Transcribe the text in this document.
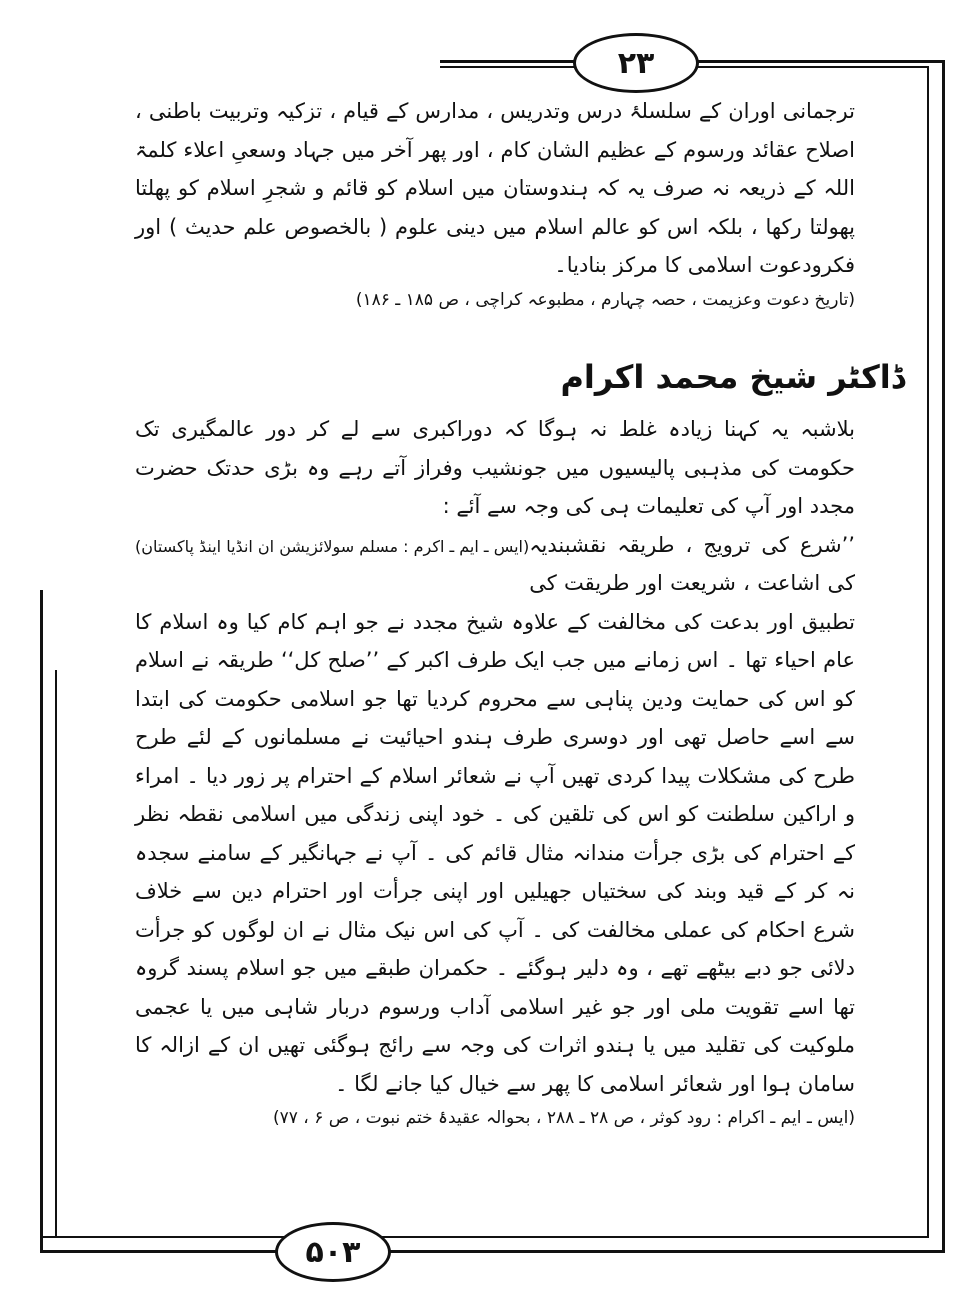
۲۳
۵۰۳

ترجمانی اوران کے سلسلۂ درس وتدریس ، مدارس کے قیام ، تزکیہ وتربیت باطنی ، اصلاح عقائد ورسوم کے عظیم الشان کام ، اور پھر آخر میں جہاد وسعیِ اعلاء کلمۃ اللہ کے ذریعہ نہ صرف یہ کہ ہندوستان میں اسلام کو قائم و شجرِ اسلام کو پھلتا پھولتا رکھا ، بلکہ اس کو عالم اسلام میں دینی علوم ( بالخصوص علم حدیث ) اور فکرودعوت اسلامی کا مرکز بنادیا۔

(تاریخ دعوت وعزیمت ، حصہ چہارم ، مطبوعہ کراچی ، ص ۱۸۵ ـ ۱۸۶)

ڈاکٹر شیخ محمد اکرام

بلاشبہ یہ کہنا زیادہ غلط نہ ہوگا کہ دوراکبری سے لے کر دور عالمگیری تک حکومت کی مذہبی پالیسیوں میں جونشیب وفراز آتے رہے وہ بڑی حدتک حضرت مجدد اور آپ کی تعلیمات ہی کی وجہ سے آئے :
(ایس ـ ایم ـ اکرم : مسلم سولائزیشن ان انڈیا اینڈ پاکستان) ’’شرع کی ترویج ، طریقہ نقشبندیہ کی اشاعت ، شریعت اور طریقت کی تطبیق اور بدعت کی مخالفت کے علاوہ شیخ مجدد نے جو اہم کام کیا وہ اسلام کا عام احیاء تھا ۔ اس زمانے میں جب ایک طرف اکبر کے ’’صلح کل‘‘ طریقہ نے اسلام کو اس کی حمایت ودین پناہی سے محروم کردیا تھا جو اسلامی حکومت کی ابتدا سے اسے حاصل تھی اور دوسری طرف ہندو احیائیت نے مسلمانوں کے لئے طرح طرح کی مشکلات پیدا کردی تھیں آپ نے شعائر اسلام کے احترام پر زور دیا ۔ امراء و اراکین سلطنت کو اس کی تلقین کی ۔ خود اپنی زندگی میں اسلامی نقطہ نظر کے احترام کی بڑی جرأت مندانہ مثال قائم کی ۔ آپ نے جہانگیر کے سامنے سجدہ نہ کر کے قید وبند کی سختیاں جھیلیں اور اپنی جرأت اور احترام دین سے خلاف شرع احکام کی عملی مخالفت کی ۔ آپ کی اس نیک مثال نے ان لوگوں کو جرأت دلائی جو دبے بیٹھے تھے ، وہ دلیر ہوگئے ۔ حکمران طبقے میں جو اسلام پسند گروہ تھا اسے تقویت ملی اور جو غیر اسلامی آداب ورسوم دربار شاہی میں یا عجمی ملوکیت کی تقلید میں یا ہندو اثرات کی وجہ سے رائج ہوگئی تھیں ان کے ازالہ کا سامان ہوا اور شعائر اسلامی کا پھر سے خیال کیا جانے لگا ۔

(ایس ـ ایم ـ اکرام : رود کوثر ، ص ۲۸ ـ ۲۸۸ ، بحوالہ عقیدۂ ختم نبوت ، ص ۶ ، ۷۷)
